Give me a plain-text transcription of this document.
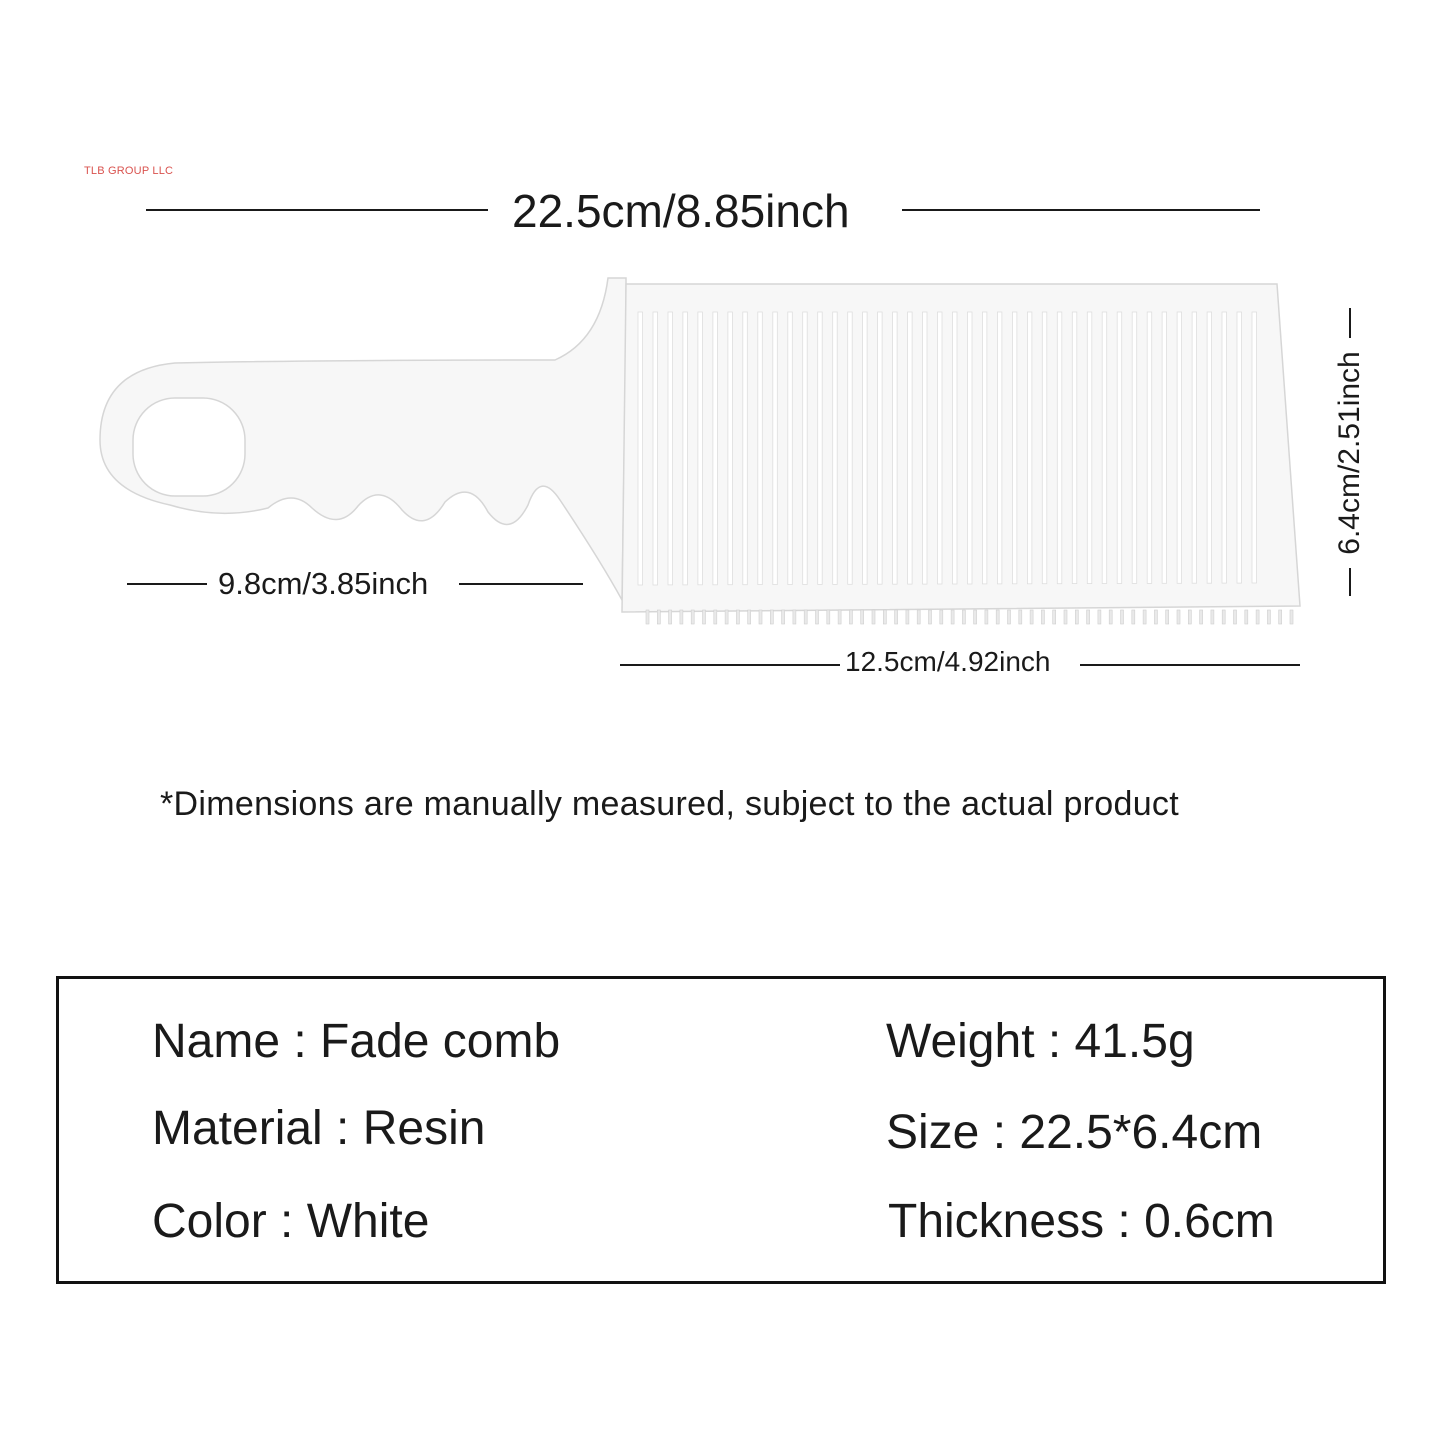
TLB GROUP LLC
22.5cm/8.85inch
9.8cm/3.85inch
12.5cm/4.92inch
6.4cm/2.51inch
*Dimensions are manually measured, subject to the actual product
Name : Fade comb
Material : Resin
Color : White
Weight : 41.5g
Size : 22.5*6.4cm
Thickness : 0.6cm
